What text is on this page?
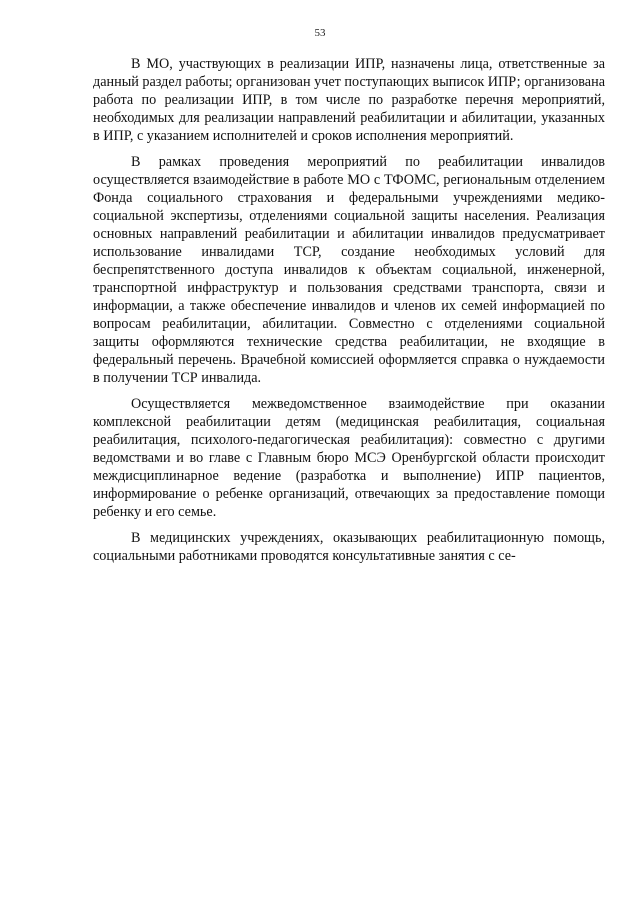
53

В МО, участвующих в реализации ИПР, назначены лица, ответственные за данный раздел работы; организован учет поступающих выписок ИПР; организована работа по реализации ИПР, в том числе по разработке перечня мероприятий, необходимых для реализации направлений реабилитации и абилитации, указанных в ИПР, с указанием исполнителей и сроков исполнения мероприятий.

В рамках проведения мероприятий по реабилитации инвалидов осуществляется взаимодействие в работе МО с ТФОМС, региональным отделением Фонда социального страхования и федеральными учреждениями медико-социальной экспертизы, отделениями социальной защиты населения. Реализация основных направлений реабилитации и абилитации инвалидов предусматривает использование инвалидами ТСР, создание необходимых условий для беспрепятственного доступа инвалидов к объектам социальной, инженерной, транспортной инфраструктур и пользования средствами транспорта, связи и информации, а также обеспечение инвалидов и членов их семей информацией по вопросам реабилитации, абилитации. Совместно с отделениями социальной защиты оформляются технические средства реабилитации, не входящие в федеральный перечень. Врачебной комиссией оформляется справка о нуждаемости в получении ТСР инвалида.

Осуществляется межведомственное взаимодействие при оказании комплексной реабилитации детям (медицинская реабилитация, социальная реабилитация, психолого-педагогическая реабилитация): совместно с другими ведомствами и во главе с Главным бюро МСЭ Оренбургской области происходит междисциплинарное ведение (разработка и выполнение) ИПР пациентов, информирование о ребенке организаций, отвечающих за предоставление помощи ребенку и его семье.

В медицинских учреждениях, оказывающих реабилитационную помощь, социальными работниками проводятся консультативные занятия с се-
